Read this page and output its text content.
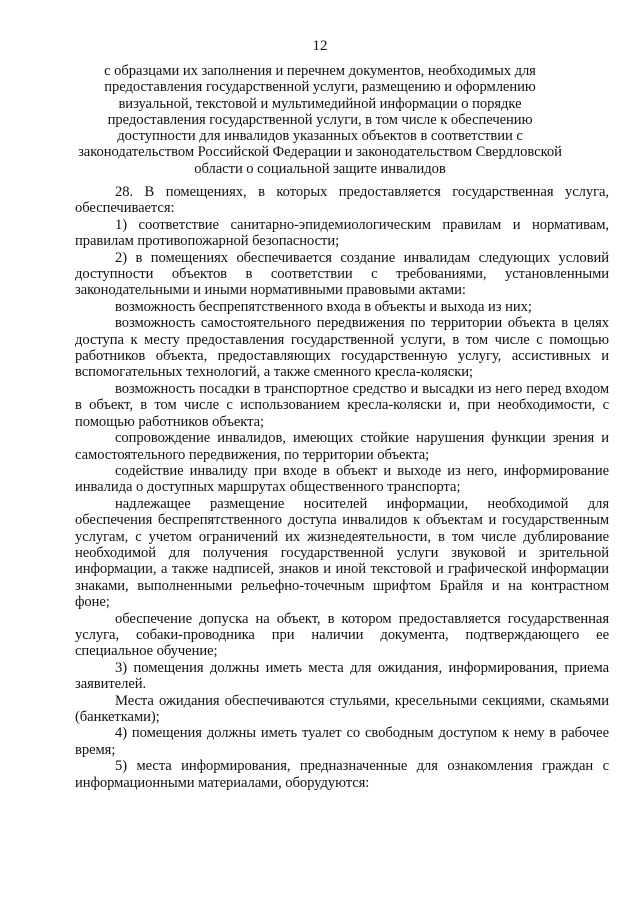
12
с образцами их заполнения и перечнем документов, необходимых для предоставления государственной услуги, размещению и оформлению визуальной, текстовой и мультимедийной информации о порядке предоставления государственной услуги, в том числе к обеспечению доступности для инвалидов указанных объектов в соответствии с законодательством Российской Федерации и законодательством Свердловской области о социальной защите инвалидов

28. В помещениях, в которых предоставляется государственная услуга, обеспечивается:

1) соответствие санитарно-эпидемиологическим правилам и нормативам, правилам противопожарной безопасности;

2) в помещениях обеспечивается создание инвалидам следующих условий доступности объектов в соответствии с требованиями, установленными законодательными и иными нормативными правовыми актами:

возможность беспрепятственного входа в объекты и выхода из них;

возможность самостоятельного передвижения по территории объекта в целях доступа к месту предоставления государственной услуги, в том числе с помощью работников объекта, предоставляющих государственную услугу, ассистивных и вспомогательных технологий, а также сменного кресла-коляски;

возможность посадки в транспортное средство и высадки из него перед входом в объект, в том числе с использованием кресла-коляски и, при необходимости, с помощью работников объекта;

сопровождение инвалидов, имеющих стойкие нарушения функции зрения и самостоятельного передвижения, по территории объекта;

содействие инвалиду при входе в объект и выходе из него, информирование инвалида о доступных маршрутах общественного транспорта;

надлежащее размещение носителей информации, необходимой для обеспечения беспрепятственного доступа инвалидов к объектам и государственным услугам, с учетом ограничений их жизнедеятельности, в том числе дублирование необходимой для получения государственной услуги звуковой и зрительной информации, а также надписей, знаков и иной текстовой и графической информации знаками, выполненными рельефно-точечным шрифтом Брайля и на контрастном фоне;

обеспечение допуска на объект, в котором предоставляется государственная услуга, собаки-проводника при наличии документа, подтверждающего ее специальное обучение;

3) помещения должны иметь места для ожидания, информирования, приема заявителей.

Места ожидания обеспечиваются стульями, кресельными секциями, скамьями (банкетками);

4) помещения должны иметь туалет со свободным доступом к нему в рабочее время;

5) места информирования, предназначенные для ознакомления граждан с информационными материалами, оборудуются:
